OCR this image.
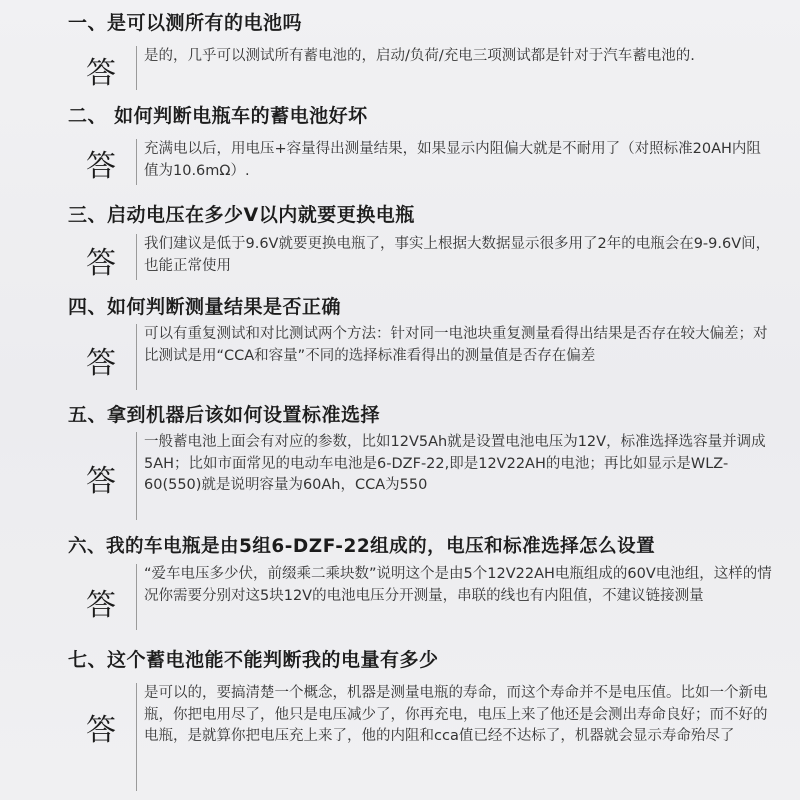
一、是可以测所有的电池吗
答 是的，几乎可以测试所有蓄电池的，启动/负荷/充电三项测试都是针对于汽车蓄电池的.
二、 如何判断电瓶车的蓄电池好坏
答 充满电以后，用电压+容量得出测量结果，如果显示内阻偏大就是不耐用了（对照标准20AH内阻值为10.6mΩ）.
三、启动电压在多少V以内就要更换电瓶
答
我们建议是低于9.6V就要更换电瓶了，事实上根据大数据显示很多用了2年的电瓶会在9-9.6V间，也能正常使用
四、如何判断测量结果是否正确
答
可以有重复测试和对比测试两个方法：针对同一电池块重复测量看得出结果是否存在较大偏差；对比测试是用“CCA和容量”不同的选择标准看得出的测量值是否存在偏差
五、拿到机器后该如何设置标准选择
答
一般蓄电池上面会有对应的参数，比如12V5Ah就是设置电池电压为12V，标准选择选容量并调成5AH；比如市面常见的电动车电池是6-DZF-22,即是12V22AH的电池；再比如显示是WLZ-60(550)就是说明容量为60Ah，CCA为550
六、我的车电瓶是由5组6-DZF-22组成的，电压和标准选择怎么设置
答
“爱车电压多少伏，前缀乘二乘块数”说明这个是由5个12V22AH电瓶组成的60V电池组，这样的情况你需要分别对这5块12V的电池电压分开测量，串联的线也有内阻值，不建议链接测量
七、这个蓄电池能不能判断我的电量有多少
答
是可以的，要搞清楚一个概念，机器是测量电瓶的寿命，而这个寿命并不是电压值。比如一个新电瓶，你把电用尽了，他只是电压减少了，你再充电，电压上来了他还是会测出寿命良好；而不好的电瓶，是就算你把电压充上来了，他的内阻和cca值已经不达标了，机器就会显示寿命殆尽了
